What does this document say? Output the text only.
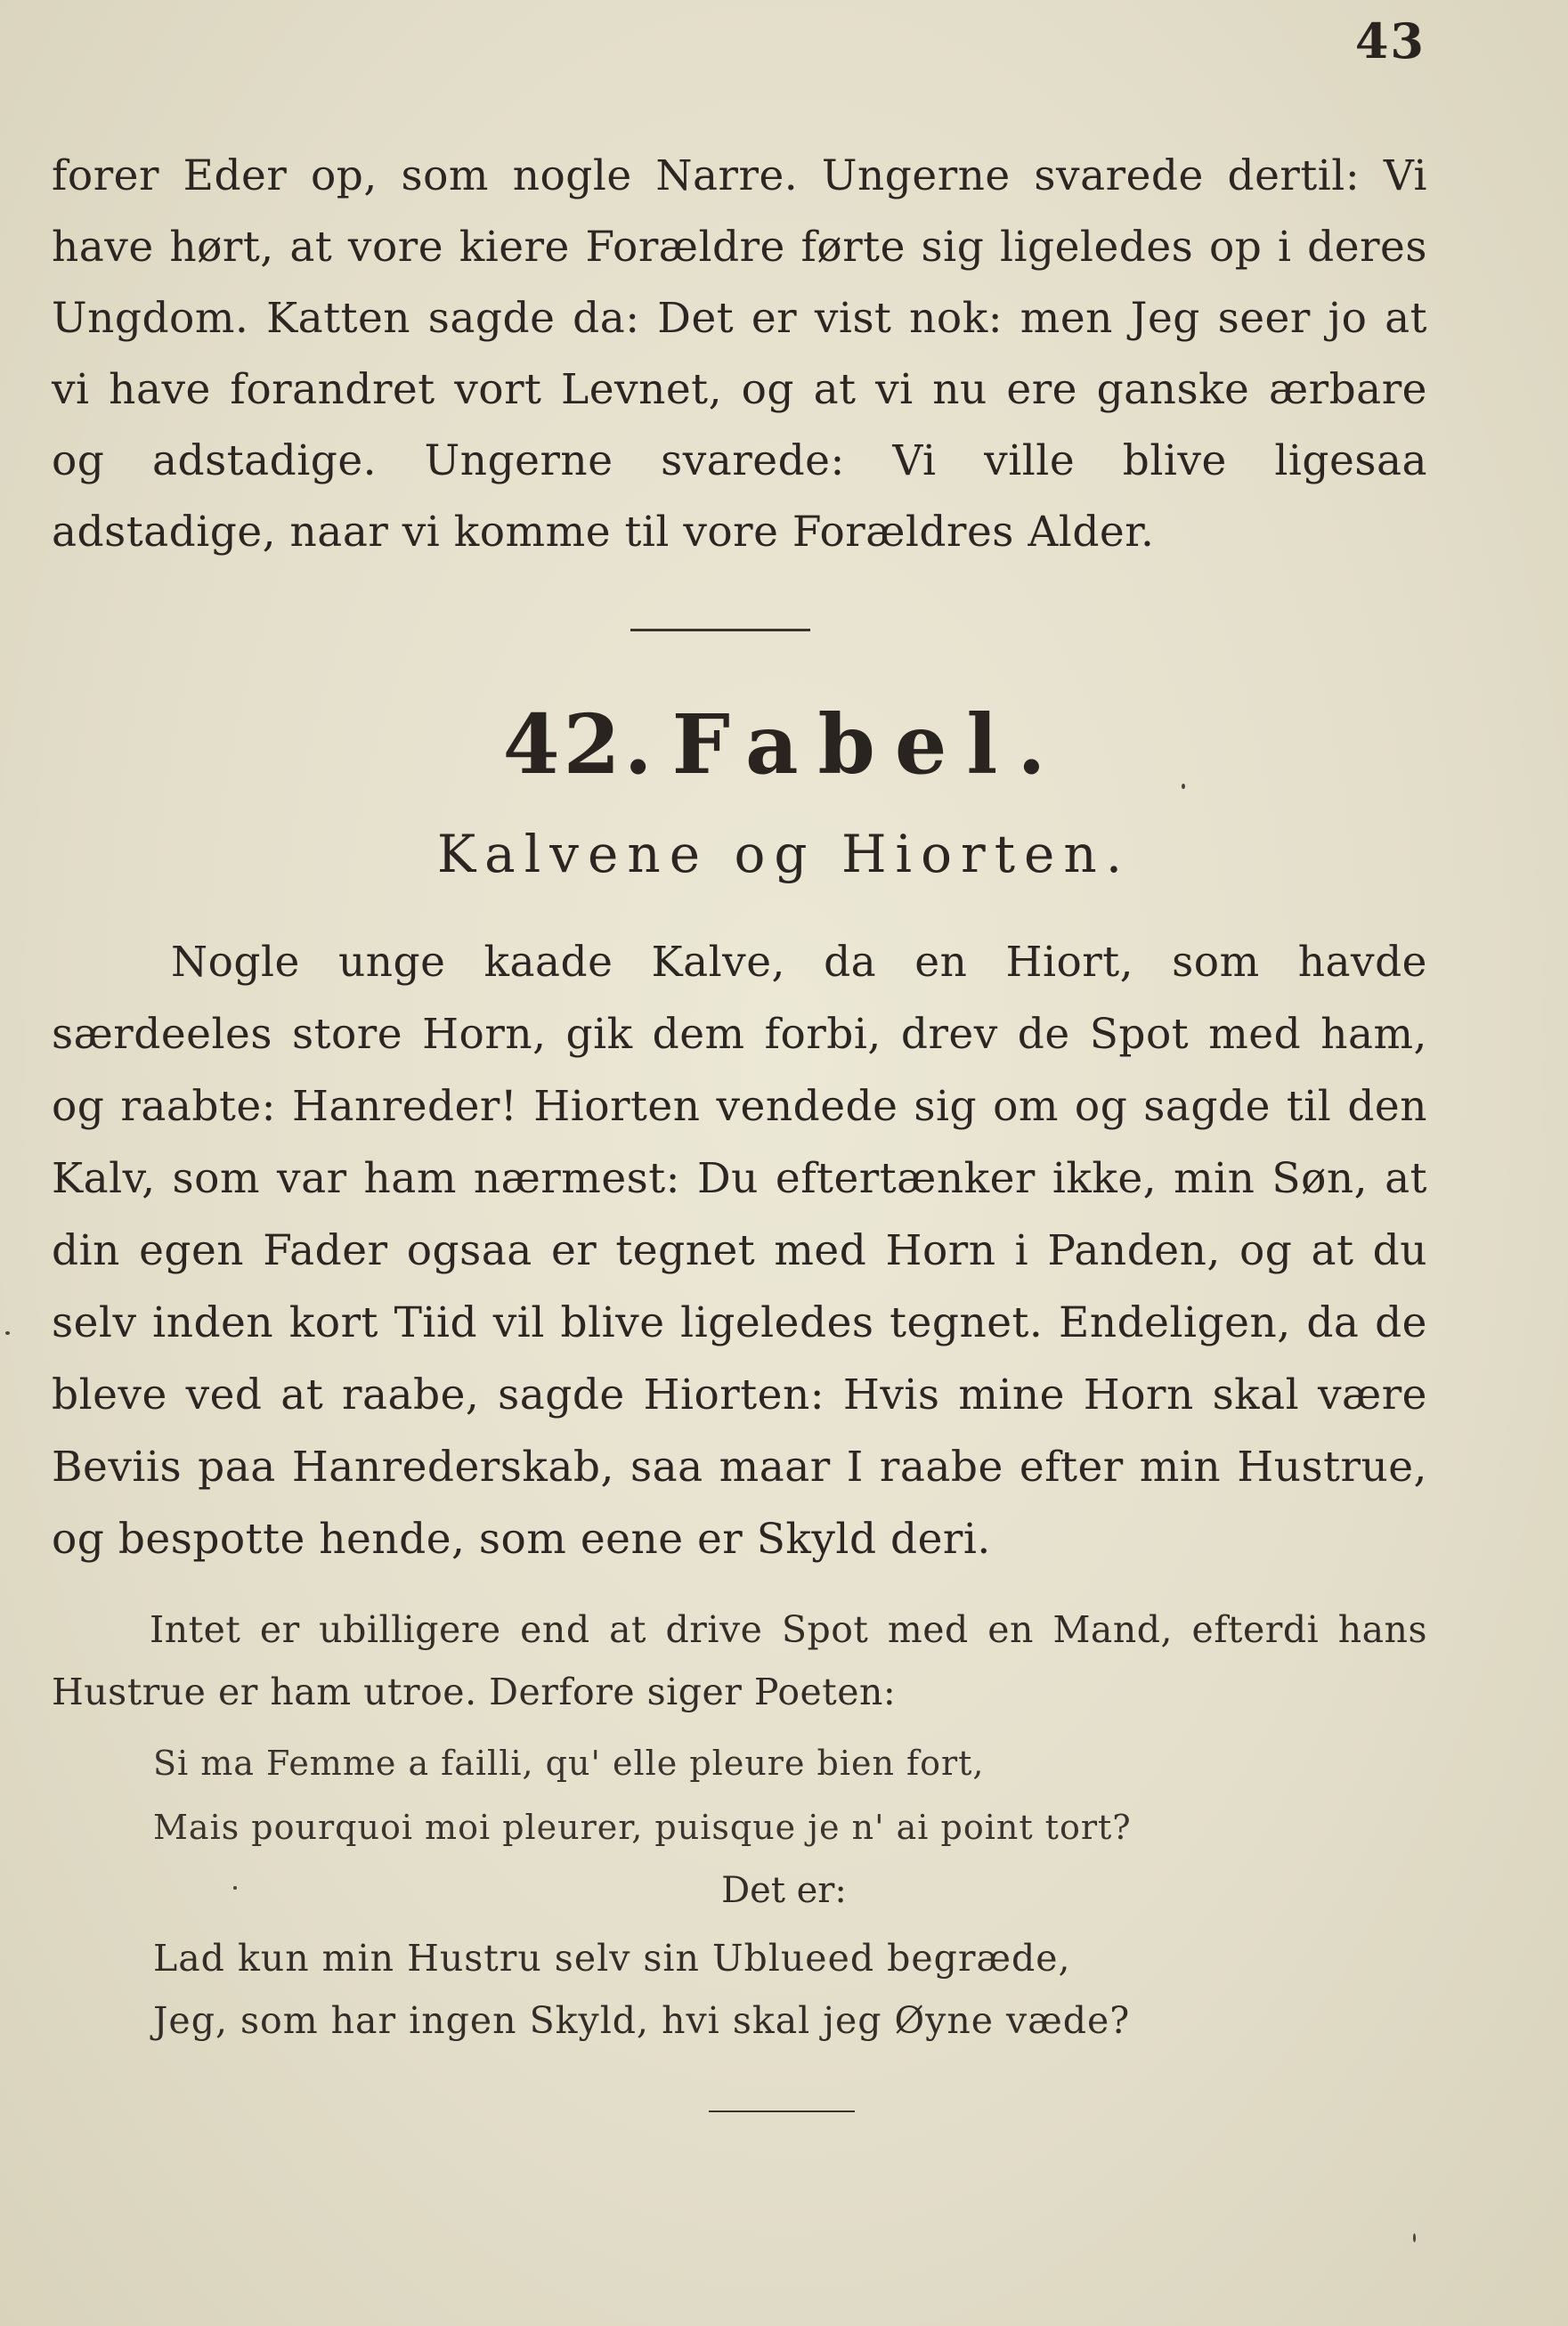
43

forer Eder op, som nogle Narre. Ungerne svarede dertil: Vi have hørt, at vore kiere Forældre førte sig ligeledes op i deres Ungdom. Katten sagde da: Det er vist nok: men Jeg seer jo at vi have forandret vort Levnet, og at vi nu ere ganske ærbare og adstadige. Ungerne svarede: Vi ville blive ligesaa adstadige, naar vi komme til vore Forældres Alder.

42. Fabel.
Kalvene og Hiorten.

Nogle unge kaade Kalve, da en Hiort, som havde særdeeles store Horn, gik dem forbi, drev de Spot med ham, og raabte: Hanreder! Hiorten vendede sig om og sagde til den Kalv, som var ham nærmest: Du eftertænker ikke, min Søn, at din egen Fader ogsaa er tegnet med Horn i Panden, og at du selv inden kort Tiid vil blive ligeledes tegnet. Endeligen, da de bleve ved at raabe, sagde Hiorten: Hvis mine Horn skal være Beviis paa Hanrederskab, saa maar I raabe efter min Hustrue, og bespotte hende, som eene er Skyld deri.

Intet er ubilligere end at drive Spot med en Mand, efterdi hans Hustrue er ham utroe. Derfore siger Poeten:

Si ma Femme a failli, qu' elle pleure bien fort,

Mais pourquoi moi pleurer, puisque je n' ai point tort?

Det er:

Lad kun min Hustru selv sin Ublueed begræde,

Jeg, som har ingen Skyld, hvi skal jeg Øyne væde?
